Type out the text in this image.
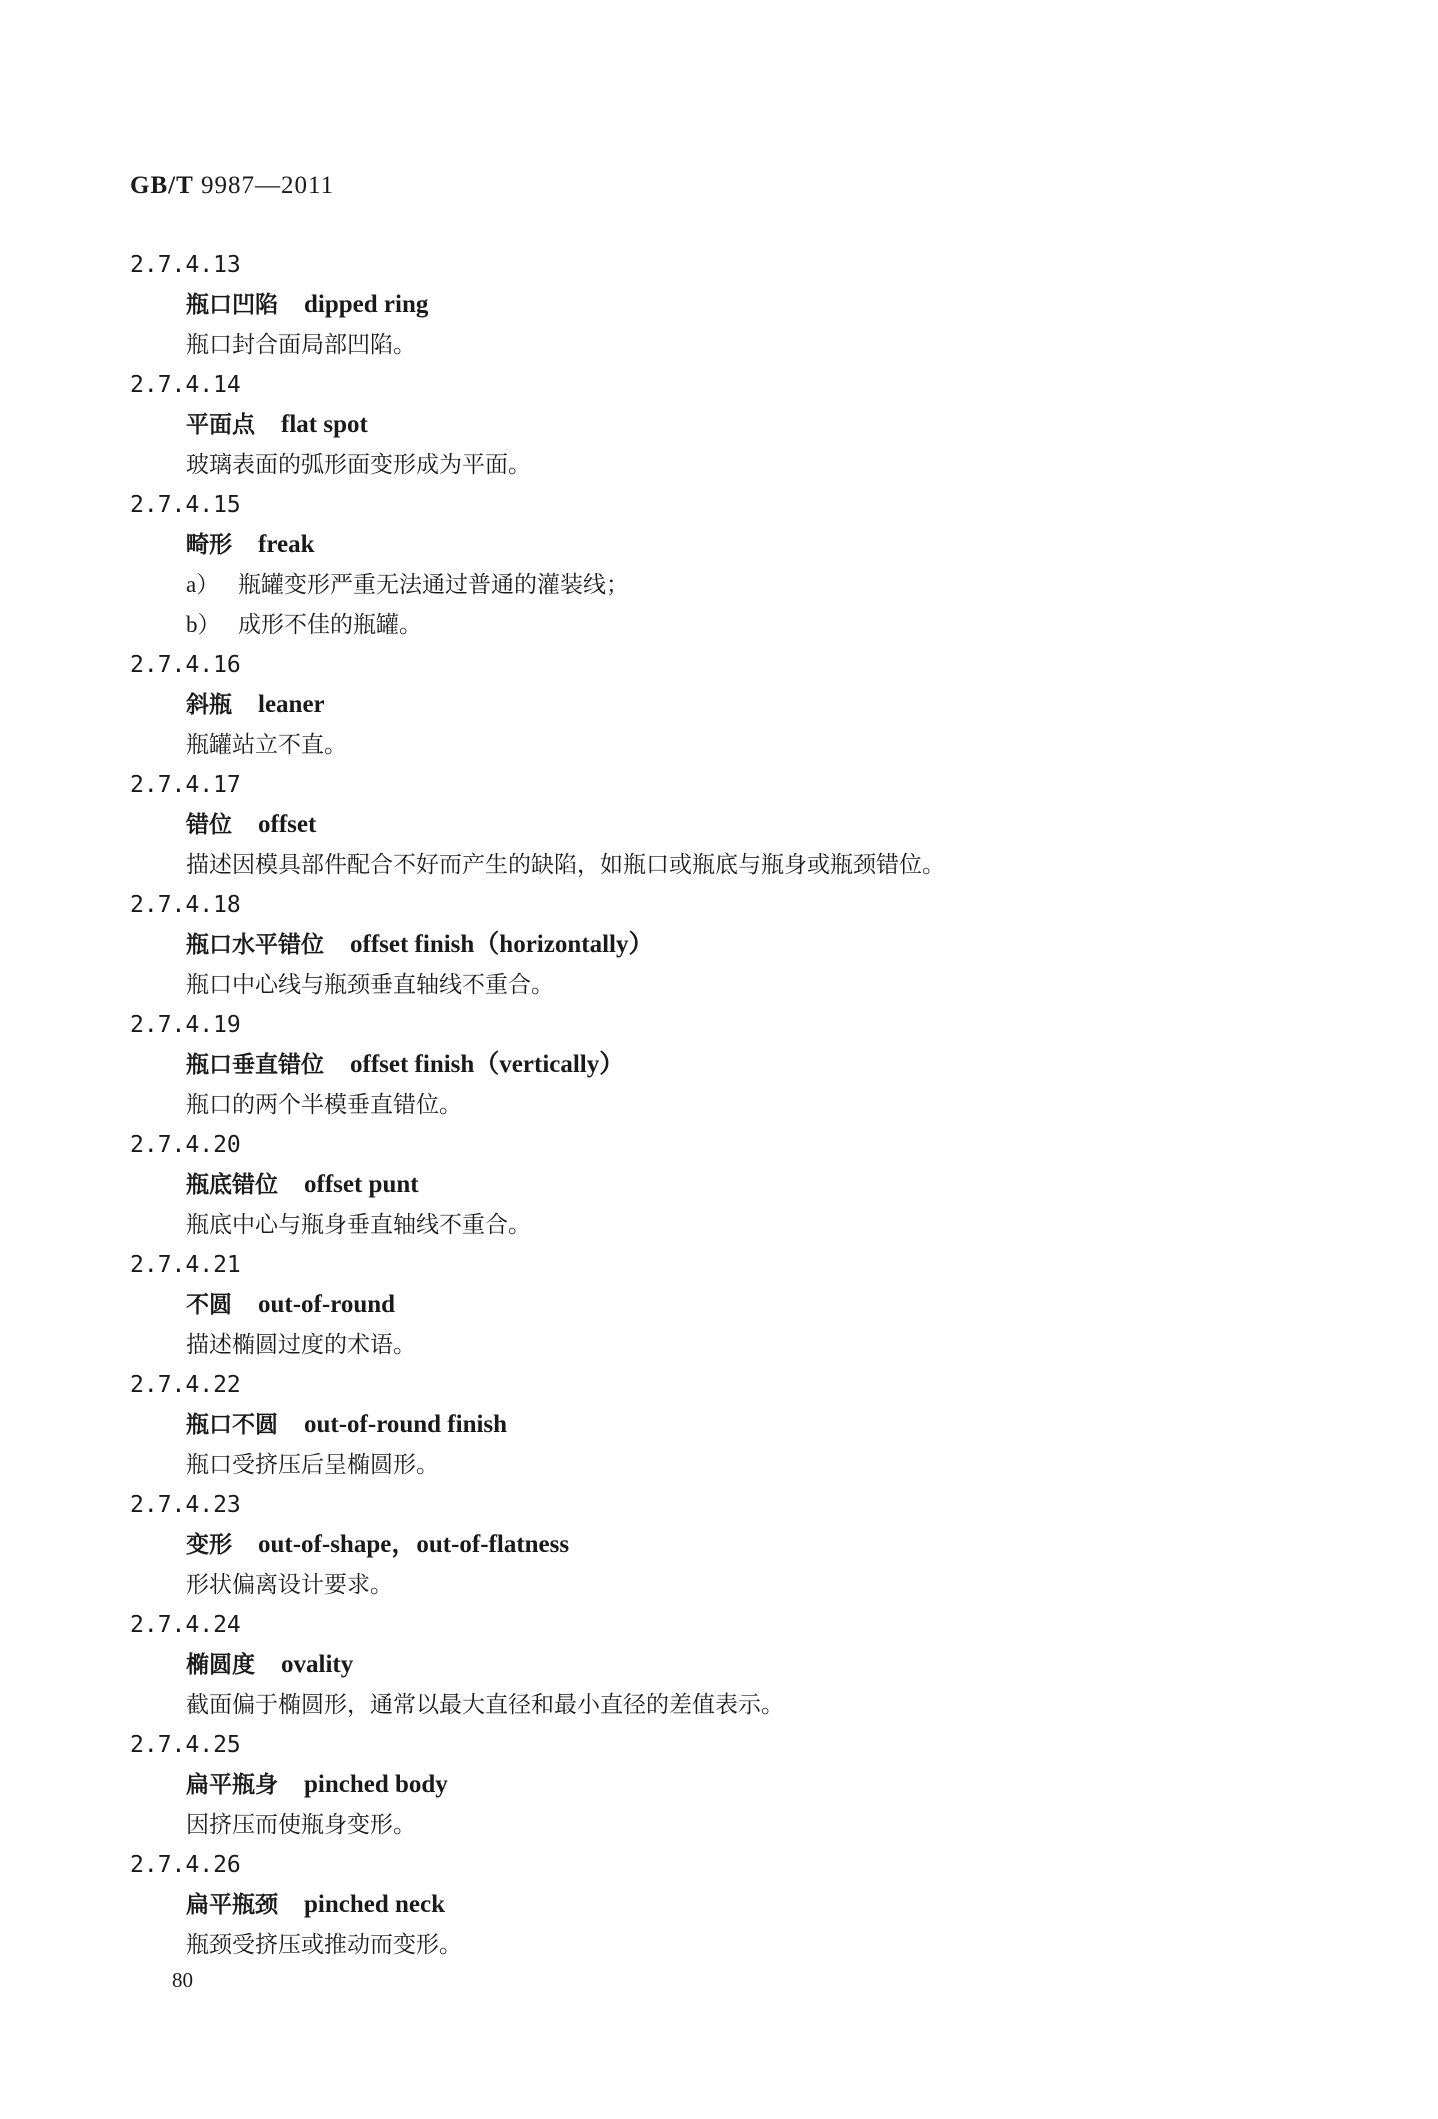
GB/T 9987—2011
2.7.4.13
瓶口凹陷 dipped ring
瓶口封合面局部凹陷。
2.7.4.14
平面点 flat spot
玻璃表面的弧形面变形成为平面。
2.7.4.15
畸形 freak
a） 瓶罐变形严重无法通过普通的灌装线；
b） 成形不佳的瓶罐。
2.7.4.16
斜瓶 leaner
瓶罐站立不直。
2.7.4.17
错位 offset
描述因模具部件配合不好而产生的缺陷，如瓶口或瓶底与瓶身或瓶颈错位。
2.7.4.18
瓶口水平错位 offset finish（horizontally）
瓶口中心线与瓶颈垂直轴线不重合。
2.7.4.19
瓶口垂直错位 offset finish（vertically）
瓶口的两个半模垂直错位。
2.7.4.20
瓶底错位 offset punt
瓶底中心与瓶身垂直轴线不重合。
2.7.4.21
不圆 out-of-round
描述椭圆过度的术语。
2.7.4.22
瓶口不圆 out-of-round finish
瓶口受挤压后呈椭圆形。
2.7.4.23
变形 out-of-shape，out-of-flatness
形状偏离设计要求。
2.7.4.24
椭圆度 ovality
截面偏于椭圆形，通常以最大直径和最小直径的差值表示。
2.7.4.25
扁平瓶身 pinched body
因挤压而使瓶身变形。
2.7.4.26
扁平瓶颈 pinched neck
瓶颈受挤压或推动而变形。
80
